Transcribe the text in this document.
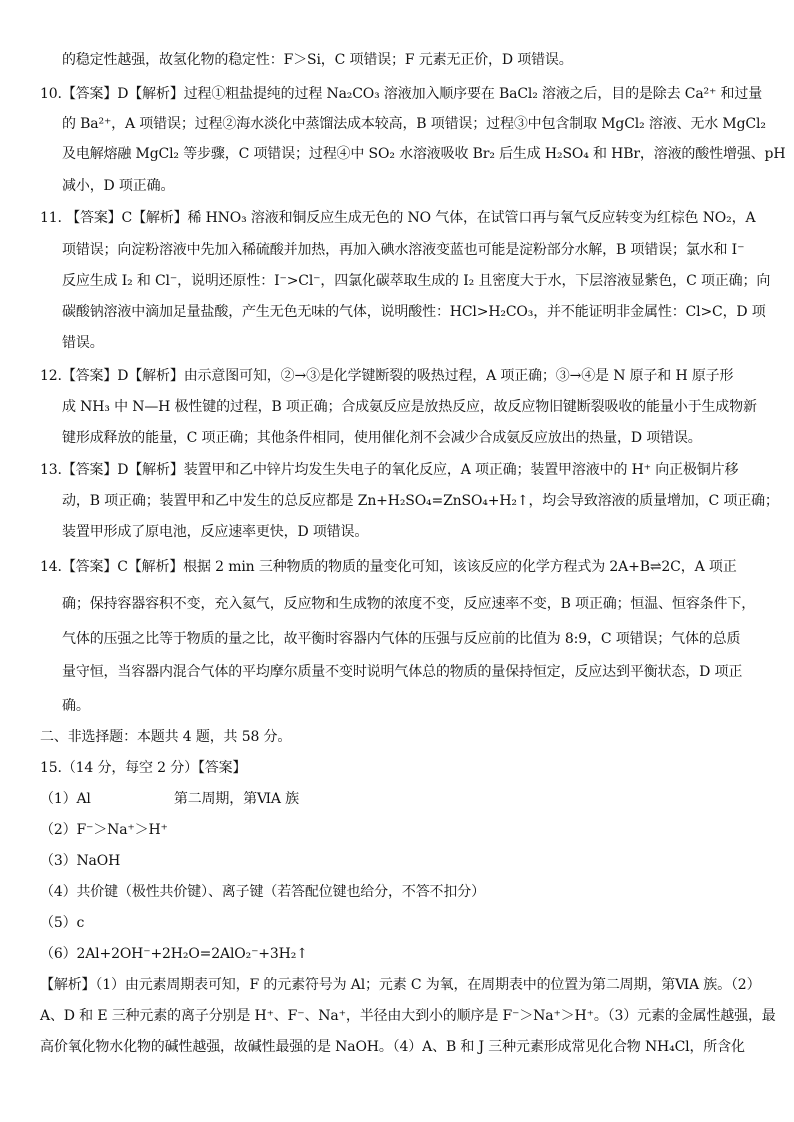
的稳定性越强，故氢化物的稳定性：F＞Si，C 项错误；F 元素无正价，D 项错误。
10.【答案】D【解析】过程①粗盐提纯的过程 Na₂CO₃ 溶液加入顺序要在 BaCl₂ 溶液之后，目的是除去 Ca²⁺ 和过量
的 Ba²⁺，A 项错误；过程②海水淡化中蒸馏法成本较高，B 项错误；过程③中包含制取 MgCl₂ 溶液、无水 MgCl₂
及电解熔融 MgCl₂ 等步骤，C 项错误；过程④中 SO₂ 水溶液吸收 Br₂ 后生成 H₂SO₄ 和 HBr，溶液的酸性增强、pH
减小，D 项正确。
11. 【答案】C【解析】稀 HNO₃ 溶液和铜反应生成无色的 NO 气体，在试管口再与氧气反应转变为红棕色 NO₂，A
项错误；向淀粉溶液中先加入稀硫酸并加热，再加入碘水溶液变蓝也可能是淀粉部分水解，B 项错误；氯水和 I⁻
反应生成 I₂ 和 Cl⁻，说明还原性：I⁻>Cl⁻，四氯化碳萃取生成的 I₂ 且密度大于水，下层溶液显紫色，C 项正确；向
碳酸钠溶液中滴加足量盐酸，产生无色无味的气体，说明酸性：HCl>H₂CO₃，并不能证明非金属性：Cl>C，D 项
错误。
12.【答案】D【解析】由示意图可知，②→③是化学键断裂的吸热过程，A 项正确；③→④是 N 原子和 H 原子形
成 NH₃ 中 N—H 极性键的过程，B 项正确；合成氨反应是放热反应，故反应物旧键断裂吸收的能量小于生成物新
键形成释放的能量，C 项正确；其他条件相同，使用催化剂不会减少合成氨反应放出的热量，D 项错误。
13.【答案】D【解析】装置甲和乙中锌片均发生失电子的氧化反应，A 项正确；装置甲溶液中的 H⁺ 向正极铜片移
动，B 项正确；装置甲和乙中发生的总反应都是 Zn+H₂SO₄=ZnSO₄+H₂↑，均会导致溶液的质量增加，C 项正确；
装置甲形成了原电池，反应速率更快，D 项错误。
14.【答案】C【解析】根据 2 min 三种物质的物质的量变化可知，该该反应的化学方程式为 2A+B⇌2C，A 项正
确；保持容器容积不变，充入氦气，反应物和生成物的浓度不变，反应速率不变，B 项正确；恒温、恒容条件下，
气体的压强之比等于物质的量之比，故平衡时容器内气体的压强与反应前的比值为 8:9，C 项错误；气体的总质
量守恒，当容器内混合气体的平均摩尔质量不变时说明气体总的物质的量保持恒定，反应达到平衡状态，D 项正
确。
二、非选择题：本题共 4 题，共 58 分。
15.（14 分，每空 2 分）【答案】
（1）Al　　　　　　第二周期，第ⅥA 族
（2）F⁻＞Na⁺＞H⁺
（3）NaOH
（4）共价键（极性共价键）、离子键（若答配位键也给分，不答不扣分）
（5）c
（6）2Al+2OH⁻+2H₂O=2AlO₂⁻+3H₂↑
【解析】（1）由元素周期表可知，F 的元素符号为 Al；元素 C 为氧，在周期表中的位置为第二周期，第ⅥA 族。（2）
A、D 和 E 三种元素的离子分别是 H⁺、F⁻、Na⁺，半径由大到小的顺序是 F⁻＞Na⁺＞H⁺。（3）元素的金属性越强，最
高价氧化物水化物的碱性越强，故碱性最强的是 NaOH。（4）A、B 和 J 三种元素形成常见化合物 NH₄Cl，所含化
